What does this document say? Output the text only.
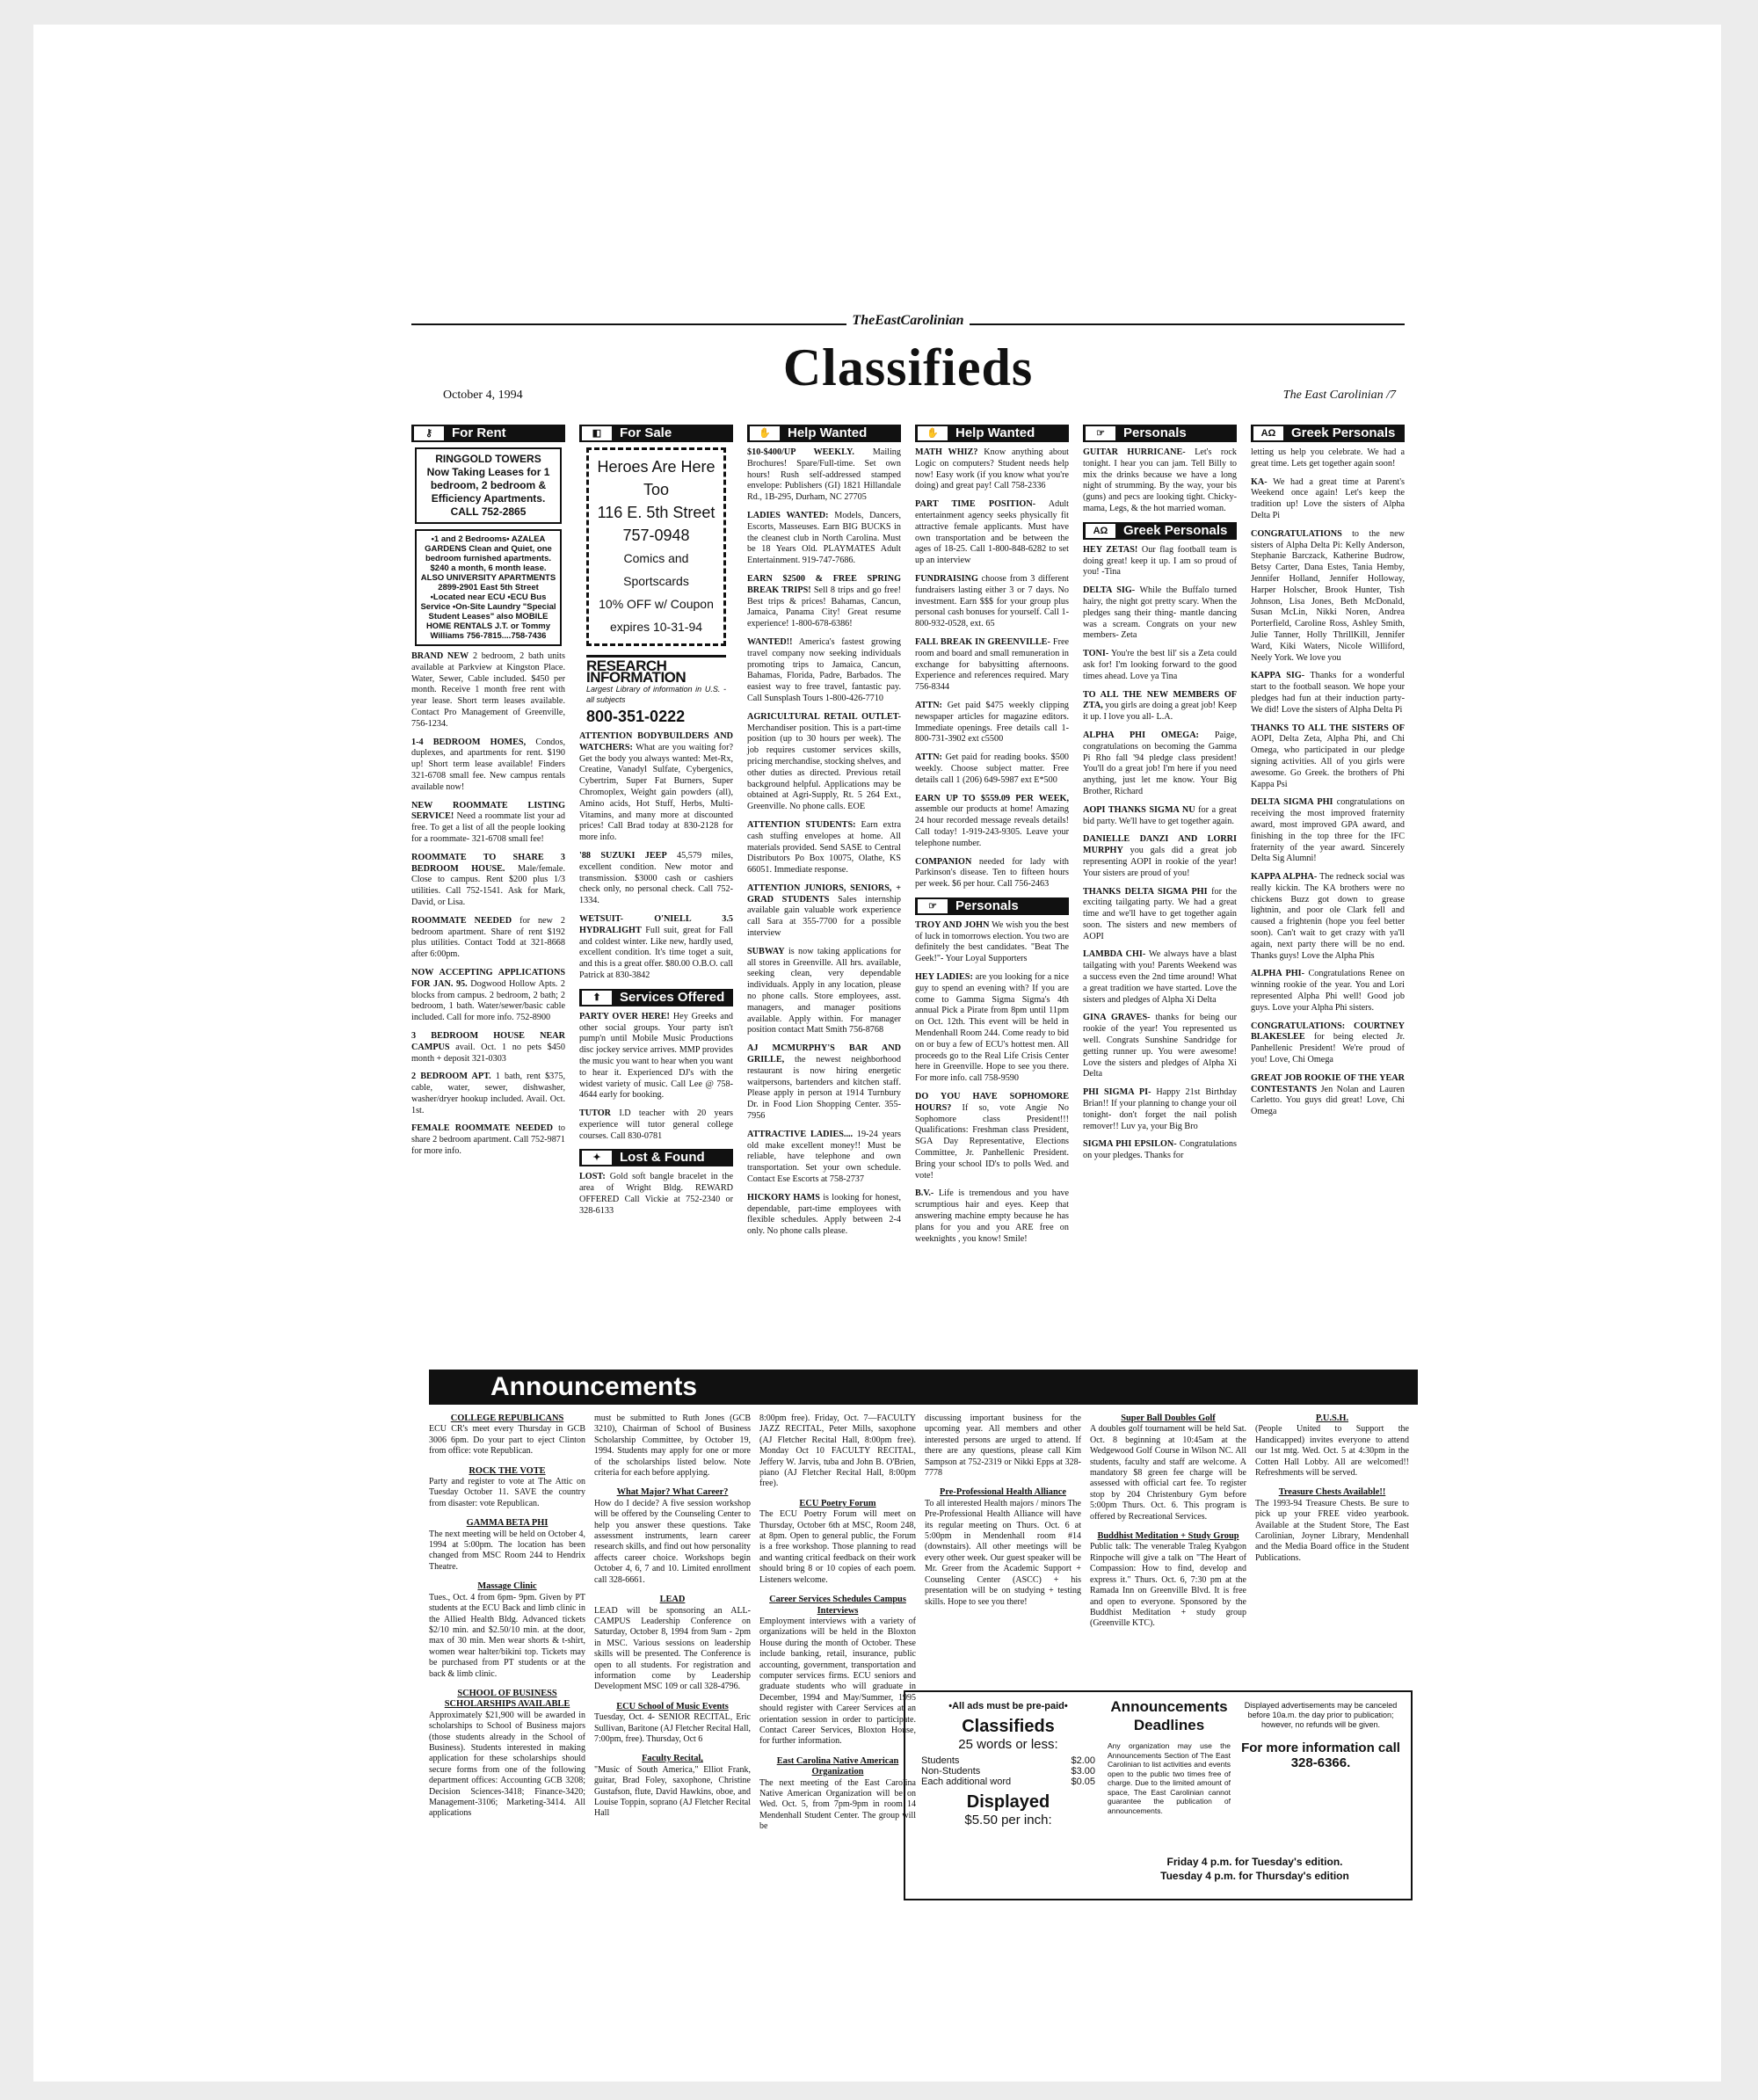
TheEastCarolinian
Classifieds
October 4, 1994	The East Carolinian /7
⚷	For Rent
RINGGOLD TOWERS
Now Taking Leases for 1 bedroom, 2 bedroom & Efficiency Apartments.
CALL 752-2865
•1 and 2 Bedrooms• AZALEA GARDENS Clean and Quiet, one bedroom furnished apartments. $240 a month, 6 month lease. ALSO UNIVERSITY APARTMENTS 2899-2901 East 5th Street •Located near ECU •ECU Bus Service •On-Site Laundry "Special Student Leases" also MOBILE HOME RENTALS J.T. or Tommy Williams 756-7815....758-7436
BRAND NEW 2 bedroom, 2 bath units available at Parkview at Kingston Place. Water, Sewer, Cable included. $450 per month. Receive 1 month free rent with year lease. Short term leases available. Contact Pro Management of Greenville, 756-1234.
1-4 BEDROOM HOMES, Condos, duplexes, and apartments for rent. $190 up! Short term lease available! Finders 321-6708 small fee. New campus rentals available now!
NEW ROOMMATE LISTING SERVICE! Need a roommate list your ad free. To get a list of all the people looking for a roommate- 321-6708 small fee!
ROOMMATE TO SHARE 3 BEDROOM HOUSE. Male/female. Close to campus. Rent $200 plus 1/3 utilities. Call 752-1541. Ask for Mark, David, or Lisa.
ROOMMATE NEEDED for new 2 bedroom apartment. Share of rent $192 plus utilities. Contact Todd at 321-8668 after 6:00pm.
NOW ACCEPTING APPLICATIONS FOR JAN. 95. Dogwood Hollow Apts. 2 blocks from campus. 2 bedroom, 2 bath; 2 bedroom, 1 bath. Water/sewer/basic cable included. Call for more info. 752-8900
3 BEDROOM HOUSE NEAR CAMPUS avail. Oct. 1 no pets $450 month + deposit 321-0303
2 BEDROOM APT. 1 bath, rent $375, cable, water, sewer, dishwasher, washer/dryer hookup included. Avail. Oct. 1st.
FEMALE ROOMMATE NEEDED to share 2 bedroom apartment. Call 752-9871 for more info.
◧	For Sale
Heroes Are Here Too
116 E. 5th Street
757-0948
Comics and Sportscards
10% OFF w/ Coupon
expires 10-31-94
RESEARCH INFORMATION
Largest Library of information in U.S. - all subjects
800-351-0222
ATTENTION BODYBUILDERS AND WATCHERS: What are you waiting for? Get the body you always wanted: Met-Rx, Creatine, Vanadyl Sulfate, Cybergenics, Cybertrim, Super Fat Burners, Super Chromoplex, Weight gain powders (all), Amino acids, Hot Stuff, Herbs, Multi-Vitamins, and many more at discounted prices! Call Brad today at 830-2128 for more info.
'88 SUZUKI JEEP 45,579 miles, excellent condition. New motor and transmission. $3000 cash or cashiers check only, no personal check. Call 752-1334.
WETSUIT- O'NIELL 3.5 HYDRALIGHT Full suit, great for Fall and coldest winter. Like new, hardly used, excellent condition. It's time toget a suit, and this is a great offer. $80.00 O.B.O. call Patrick at 830-3842
⬆	Services Offered
PARTY OVER HERE! Hey Greeks and other social groups. Your party isn't pump'n until Mobile Music Productions disc jockey service arrives. MMP provides the music you want to hear when you want to hear it. Experienced DJ's with the widest variety of music. Call Lee @ 758-4644 early for booking.
TUTOR I.D teacher with 20 years experience will tutor general college courses. Call 830-0781
✦	Lost & Found
LOST: Gold soft bangle bracelet in the area of Wright Bldg. REWARD OFFERED Call Vickie at 752-2340 or 328-6133
✋	Help Wanted
$10-$400/UP WEEKLY. Mailing Brochures! Spare/Full-time. Set own hours! Rush self-addressed stamped envelope: Publishers (GI) 1821 Hillandale Rd., 1B-295, Durham, NC 27705
LADIES WANTED: Models, Dancers, Escorts, Masseuses. Earn BIG BUCKS in the cleanest club in North Carolina. Must be 18 Years Old. PLAYMATES Adult Entertainment. 919-747-7686.
EARN $2500 & FREE SPRING BREAK TRIPS! Sell 8 trips and go free! Best trips & prices! Bahamas, Cancun, Jamaica, Panama City! Great resume experience! 1-800-678-6386!
WANTED!! America's fastest growing travel company now seeking individuals promoting trips to Jamaica, Cancun, Bahamas, Florida, Padre, Barbados. The easiest way to free travel, fantastic pay. Call Sunsplash Tours 1-800-426-7710
AGRICULTURAL RETAIL OUTLET- Merchandiser position. This is a part-time position (up to 30 hours per week). The job requires customer services skills, pricing merchandise, stocking shelves, and other duties as directed. Previous retail background helpful. Applications may be obtained at Agri-Supply, Rt. 5 264 Ext., Greenville. No phone calls. EOE
ATTENTION STUDENTS: Earn extra cash stuffing envelopes at home. All materials provided. Send SASE to Central Distributors Po Box 10075, Olathe, KS 66051. Immediate response.
ATTENTION JUNIORS, SENIORS, + GRAD STUDENTS Sales internship available gain valuable work experience call Sara at 355-7700 for a possible interview
SUBWAY is now taking applications for all stores in Greenville. All hrs. available, seeking clean, very dependable individuals. Apply in any location, please no phone calls. Store employees, asst. managers, and manager positions available. Apply within. For manager position contact Matt Smith 756-8768
AJ MCMURPHY'S BAR AND GRILLE, the newest neighborhood restaurant is now hiring energetic waitpersons, bartenders and kitchen staff. Please apply in person at 1914 Turnbury Dr. in Food Lion Shopping Center. 355-7956
ATTRACTIVE LADIES.... 19-24 years old make excellent money!! Must be reliable, have telephone and own transportation. Set your own schedule. Contact Ese Escorts at 758-2737
HICKORY HAMS is looking for honest, dependable, part-time employees with flexible schedules. Apply between 2-4 only. No phone calls please.
✋	Help Wanted
MATH WHIZ? Know anything about Logic on computers? Student needs help now! Easy work (if you know what you're doing) and great pay! Call 758-2336
PART TIME POSITION- Adult entertainment agency seeks physically fit attractive female applicants. Must have own transportation and be between the ages of 18-25. Call 1-800-848-6282 to set up an interview
FUNDRAISING choose from 3 different fundraisers lasting either 3 or 7 days. No investment. Earn $$$ for your group plus personal cash bonuses for yourself. Call 1-800-932-0528, ext. 65
FALL BREAK IN GREENVILLE- Free room and board and small remuneration in exchange for babysitting afternoons. Experience and references required. Mary 756-8344
ATTN: Get paid $475 weekly clipping newspaper articles for magazine editors. Immediate openings. Free details call 1-800-731-3902 ext c5500
ATTN: Get paid for reading books. $500 weekly. Choose subject matter. Free details call 1 (206) 649-5987 ext E*500
EARN UP TO $559.09 PER WEEK, assemble our products at home! Amazing 24 hour recorded message reveals details! Call today! 1-919-243-9305. Leave your telephone number.
COMPANION needed for lady with Parkinson's disease. Ten to fifteen hours per week. $6 per hour. Call 756-2463
☞	Personals
TROY AND JOHN We wish you the best of luck in tomorrows election. You two are definitely the best candidates. "Beat The Geek!"- Your Loyal Supporters
HEY LADIES: are you looking for a nice guy to spend an evening with? If you are come to Gamma Sigma Sigma's 4th annual Pick a Pirate from 8pm until 11pm on Oct. 12th. This event will be held in Mendenhall Room 244. Come ready to bid on or buy a few of ECU's hottest men. All proceeds go to the Real Life Crisis Center here in Greenville. Hope to see you there. For more info. call 758-9590
DO YOU HAVE SOPHOMORE HOURS? If so, vote Angie No Sophomore class President!!! Qualifications: Freshman class President, SGA Day Representative, Elections Committee, Jr. Panhellenic President. Bring your school ID's to polls Wed. and vote!
B.V.- Life is tremendous and you have scrumptious hair and eyes. Keep that answering machine empty because he has plans for you and you ARE free on weeknights , you know! Smile!
☞	Personals
GUITAR HURRICANE- Let's rock tonight. I hear you can jam. Tell Billy to mix the drinks because we have a long night of strumming. By the way, your bis (guns) and pecs are looking tight. Chicky-mama, Legs, & the hot married woman.
ΑΩ	Greek Personals
HEY ZETAS! Our flag football team is doing great! keep it up. I am so proud of you! -Tina
DELTA SIG- While the Buffalo turned hairy, the night got pretty scary. When the pledges sang their thing- mantle dancing was a scream. Congrats on your new members- Zeta
TONI- You're the best lil' sis a Zeta could ask for! I'm looking forward to the good times ahead. Love ya Tina
TO ALL THE NEW MEMBERS OF ZTA, you girls are doing a great job! Keep it up. I love you all- L.A.
ALPHA PHI OMEGA: Paige, congratulations on becoming the Gamma Pi Rho fall '94 pledge class president! You'll do a great job! I'm here if you need anything, just let me know. Your Big Brother, Richard
AOPI THANKS SIGMA NU for a great bid party. We'll have to get together again.
DANIELLE DANZI AND LORRI MURPHY you gals did a great job representing AOPI in rookie of the year! Your sisters are proud of you!
THANKS DELTA SIGMA PHI for the exciting tailgating party. We had a great time and we'll have to get together again soon. The sisters and new members of AOPI
LAMBDA CHI- We always have a blast tailgating with you! Parents Weekend was a success even the 2nd time around! What a great tradition we have started. Love the sisters and pledges of Alpha Xi Delta
GINA GRAVES- thanks for being our rookie of the year! You represented us well. Congrats Sunshine Sandridge for getting runner up. You were awesome! Love the sisters and pledges of Alpha Xi Delta
PHI SIGMA PI- Happy 21st Birthday Brian!! If your planning to change your oil tonight- don't forget the nail polish remover!! Luv ya, your Big Bro
SIGMA PHI EPSILON- Congratulations on your pledges. Thanks for
ΑΩ	Greek Personals
letting us help you celebrate. We had a great time. Lets get together again soon!
KA- We had a great time at Parent's Weekend once again! Let's keep the tradition up! Love the sisters of Alpha Delta Pi
CONGRATULATIONS to the new sisters of Alpha Delta Pi: Kelly Anderson, Stephanie Barczack, Katherine Budrow, Betsy Carter, Dana Estes, Tania Hemby, Jennifer Holland, Jennifer Holloway, Harper Holscher, Brook Hunter, Tish Johnson, Lisa Jones, Beth McDonald, Susan McLin, Nikki Noren, Andrea Porterfield, Caroline Ross, Ashley Smith, Julie Tanner, Holly ThrillKill, Jennifer Ward, Kiki Waters, Nicole Williford, Neely York. We love you
KAPPA SIG- Thanks for a wonderful start to the football season. We hope your pledges had fun at their induction party- We did! Love the sisters of Alpha Delta Pi
THANKS TO ALL THE SISTERS OF AOPI, Delta Zeta, Alpha Phi, and Chi Omega, who participated in our pledge signing activities. All of you girls were awesome. Go Greek. the brothers of Phi Kappa Psi
DELTA SIGMA PHI congratulations on receiving the most improved fraternity award, most improved GPA award, and finishing in the top three for the IFC fraternity of the year award. Sincerely Delta Sig Alumni!
KAPPA ALPHA- The redneck social was really kickin. The KA brothers were no chickens Buzz got down to grease lightnin, and poor ole Clark fell and caused a frightenin (hope you feel better soon). Can't wait to get crazy with ya'll again, next party there will be no end. Thanks guys! Love the Alpha Phis
ALPHA PHI- Congratulations Renee on winning rookie of the year. You and Lori represented Alpha Phi well! Good job guys. Love your Alpha Phi sisters.
CONGRATULATIONS: COURTNEY BLAKESLEE for being elected Jr. Panhellenic President! We're proud of you! Love, Chi Omega
GREAT JOB ROOKIE OF THE YEAR CONTESTANTS Jen Nolan and Lauren Carletto. You guys did great! Love, Chi Omega
Announcements
COLLEGE REPUBLICANS
ECU CR's meet every Thursday in GCB 3006 6pm. Do your part to eject Clinton from office: vote Republican.
ROCK THE VOTE
Party and register to vote at The Attic on Tuesday October 11. SAVE the country from disaster: vote Republican.
GAMMA BETA PHI
The next meeting will be held on October 4, 1994 at 5:00pm. The location has been changed from MSC Room 244 to Hendrix Theatre.
Massage Clinic
Tues., Oct. 4 from 6pm- 9pm. Given by PT students at the ECU Back and limb clinic in the Allied Health Bldg. Advanced tickets $2/10 min. and $2.50/10 min. at the door, max of 30 min. Men wear shorts & t-shirt, women wear halter/bikini top. Tickets may be purchased from PT students or at the back & limb clinic.
SCHOOL OF BUSINESS SCHOLARSHIPS AVAILABLE
Approximately $21,900 will be awarded in scholarships to School of Business majors (those students already in the School of Business). Students interested in making application for these scholarships should secure forms from one of the following department offices: Accounting GCB 3208; Decision Sciences-3418; Finance-3420; Management-3106; Marketing-3414. All applications
must be submitted to Ruth Jones (GCB 3210), Chairman of School of Business Scholarship Committee, by October 19, 1994. Students may apply for one or more of the scholarships listed below. Note criteria for each before applying.
What Major? What Career?
How do I decide? A five session workshop will be offered by the Counseling Center to help you answer these questions. Take assessment instruments, learn career research skills, and find out how personality affects career choice. Workshops begin October 4, 6, 7 and 10. Limited enrollment call 328-6661.
LEAD
LEAD will be sponsoring an ALL-CAMPUS Leadership Conference on Saturday, October 8, 1994 from 9am - 2pm in MSC. Various sessions on leadership skills will be presented. The Conference is open to all students. For registration and information come by Leadership Development MSC 109 or call 328-4796.
ECU School of Music Events
Tuesday, Oct. 4- SENIOR RECITAL, Eric Sullivan, Baritone (AJ Fletcher Recital Hall, 7:00pm, free). Thursday, Oct 6
Faculty Recital,
"Music of South America," Elliot Frank, guitar, Brad Foley, saxophone, Christine Gustafson, flute, David Hawkins, oboe, and Louise Toppin, soprano (AJ Fletcher Recital Hall
8:00pm free). Friday, Oct. 7—FACULTY JAZZ RECITAL, Peter Mills, saxophone (AJ Fletcher Recital Hall, 8:00pm free). Monday Oct 10 FACULTY RECITAL, Jeffery W. Jarvis, tuba and John B. O'Brien, piano (AJ Fletcher Recital Hall, 8:00pm free).
ECU Poetry Forum
The ECU Poetry Forum will meet on Thursday, October 6th at MSC, Room 248, at 8pm. Open to general public, the Forum is a free workshop. Those planning to read and wanting critical feedback on their work should bring 8 or 10 copies of each poem. Listeners welcome.
Career Services Schedules Campus Interviews
Employment interviews with a variety of organizations will be held in the Bloxton House during the month of October. These include banking, retail, insurance, public accounting, government, transportation and computer services firms. ECU seniors and graduate students who will graduate in December, 1994 and May/Summer, 1995 should register with Career Services at an orientation session in order to participate. Contact Career Services, Bloxton House, for further information.
East Carolina Native American Organization
The next meeting of the East Carolina Native American Organization will be on Wed. Oct. 5, from 7pm-9pm in room 14 Mendenhall Student Center. The group will be
discussing important business for the upcoming year. All members and other interested persons are urged to attend. If there are any questions, please call Kim Sampson at 752-2319 or Nikki Epps at 328-7778
Pre-Professional Health Alliance
To all interested Health majors / minors The Pre-Professional Health Alliance will have its regular meeting on Thurs. Oct. 6 at 5:00pm in Mendenhall room #14 (downstairs). All other meetings will be every other week. Our guest speaker will be Mr. Greer from the Academic Support + Counseling Center (ASCC) + his presentation will be on studying + testing skills. Hope to see you there!
Super Ball Doubles Golf
A doubles golf tournament will be held Sat. Oct. 8 beginning at 10:45am at the Wedgewood Golf Course in Wilson NC. All students, faculty and staff are welcome. A mandatory $8 green fee charge will be assessed with official cart fee. To register stop by 204 Christenbury Gym before 5:00pm Thurs. Oct. 6. This program is offered by Recreational Services.
Buddhist Meditation + Study Group
Public talk: The venerable Traleg Kyabgon Rinpoche will give a talk on "The Heart of Compassion: How to find, develop and express it." Thurs. Oct. 6, 7:30 pm at the Ramada Inn on Greenville Blvd. It is free and open to everyone. Sponsored by the Buddhist Meditation + study group (Greenville KTC).
P.U.S.H.
(People United to Support the Handicapped) invites everyone to attend our 1st mtg. Wed. Oct. 5 at 4:30pm in the Cotten Hall Lobby. All are welcomed!! Refreshments will be served.
Treasure Chests Available!!
The 1993-94 Treasure Chests. Be sure to pick up your FREE video yearbook. Available at the Student Store, The East Carolinian, Joyner Library, Mendenhall and the Media Board office in the Student Publications.
•All ads must be pre-paid•
Classifieds
25 words or less:
Students	$2.00
Non-Students	$3.00
Each additional word	$0.05
Displayed
$5.50 per inch:
Announcements Deadlines
Any organization may use the Announcements Section of The East Carolinian to list activities and events open to the public two times free of charge. Due to the limited amount of space, The East Carolinian cannot guarantee the publication of announcements.
Displayed advertisements may be canceled before 10a.m. the day prior to publication; however, no refunds will be given.
For more information call
328-6366.
Friday 4 p.m. for Tuesday's edition.
Tuesday 4 p.m. for Thursday's edition
